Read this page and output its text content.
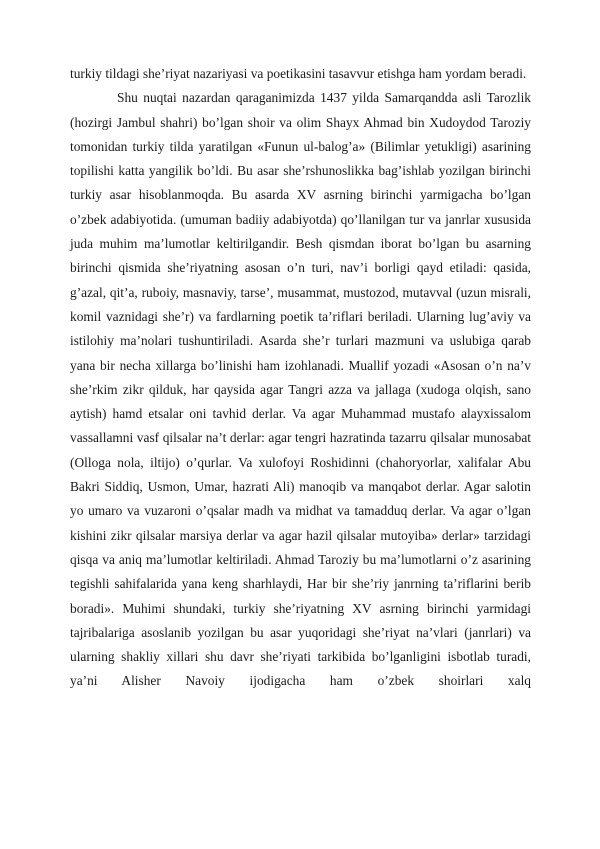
turkiy tildagi she’riyat nazariyasi va poetikasini tasavvur etishga ham yordam beradi.

Shu nuqtai nazardan qaraganimizda 1437 yilda Samarqandda asli Tarozlik (hozirgi Jambul shahri) bo’lgan shoir va olim Shayx Ahmad bin Xudoydod Taroziy tomonidan turkiy tilda yaratilgan «Funun ul-balog’a» (Bilimlar yetukligi) asarining topilishi katta yangilik bo’ldi. Bu asar she’rshunoslikka bag’ishlab yozilgan birinchi turkiy asar hisoblanmoqda. Bu asarda XV asrning birinchi yarmigacha bo’lgan o’zbek adabiyotida. (umuman badiiy adabiyotda) qo’llanilgan tur va janrlar xususida juda muhim ma’lumotlar keltirilgandir. Besh qismdan iborat bo’lgan bu asarning birinchi qismida she’riyatning asosan o’n turi, nav’i borligi qayd etiladi: qasida, g’azal, qit’a, ruboiy, masnaviy, tarse’, musammat, mustozod, mutavval (uzun misrali, komil vaznidagi she’r) va fardlarning poetik ta’riflari beriladi. Ularning lug’aviy va istilohiy ma’nolari tushuntiriladi. Asarda she’r turlari mazmuni va uslubiga qarab yana bir necha xillarga bo’linishi ham izohlanadi. Muallif yozadi «Asosan o’n na’v she’rkim zikr qilduk, har qaysida agar Tangri azza va jallaga (xudoga olqish, sano aytish) hamd etsalar oni tavhid derlar. Va agar Muhammad mustafo alayxissalom vassallamni vasf qilsalar na’t derlar: agar tengri hazratinda tazarru qilsalar munosabat (Olloga nola, iltijo) o’qurlar. Va xulofoyi Roshidinni (chahoryorlar, xalifalar Abu Bakri Siddiq, Usmon, Umar, hazrati Ali) manoqib va manqabot derlar. Agar salotin yo umaro va vuzaroni o’qsalar madh va midhat va tamadduq derlar. Va agar o’lgan kishini zikr qilsalar marsiya derlar va agar hazil qilsalar mutoyiba» derlar» tarzidagi qisqa va aniq ma’lumotlar keltiriladi. Ahmad Taroziy bu ma’lumotlarni o’z asarining tegishli sahifalarida yana keng sharhlaydi, Har bir she’riy janrning ta’riflarini berib boradi». Muhimi shundaki, turkiy she’riyatning XV asrning birinchi yarmidagi tajribalariga asoslanib yozilgan bu asar yuqoridagi she’riyat na’vlari (janrlari) va ularning shakliy xillari shu davr she’riyati tarkibida bo’lganligini isbotlab turadi, ya’ni Alisher Navoiy ijodigacha ham o’zbek shoirlari xalq
